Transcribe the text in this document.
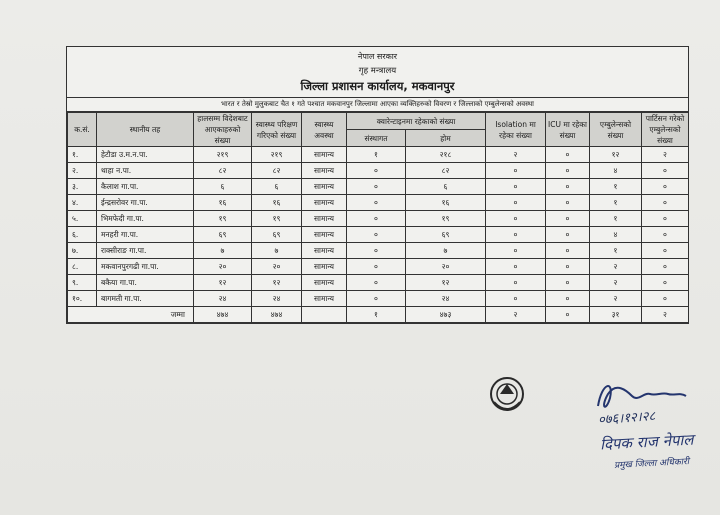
नेपाल सरकार
गृह मन्त्रालय
जिल्ला प्रशासन कार्यालय, मकवानपुर
भारत र तेस्रो मुलुकबाट चैत १ गते पश्चात मकवानपुर जिल्लामा आएका व्यक्तिहरुको विवरण र जिल्लाको एम्बुलेन्सको अवस्था
क.सं.	स्थानीय तह	हालसम्म विदेशबाट आएकाहरुको संख्या	स्वास्थ्य परिक्षण गरिएको संख्या	स्वास्थ्य अवस्था	क्वारेन्टाइनमा रहेकाको संख्या		Isolation मा रहेका संख्या	ICU मा रहेका संख्या	एम्बुलेन्सको संख्या	पार्टिसन गरेको एम्बुलेन्सको संख्या
					संस्थागत	होम				
१.	हेटौडा उ.म.न.पा.	२१९	२१९	सामान्य	१	२१८	२	०	१२	२
२.	थाहा न.पा.	८२	८२	सामान्य	०	८२	०	०	४	०
३.	कैलाश गा.पा.	६	६	सामान्य	०	६	०	०	१	०
४.	ईन्द्रसरोवर गा.पा.	१६	१६	सामान्य	०	१६	०	०	१	०
५.	भिमफेदी गा.पा.	१९	१९	सामान्य	०	१९	०	०	१	०
६.	मनहरी गा.पा.	६९	६९	सामान्य	०	६९	०	०	४	०
७.	राक्सीराङ गा.पा.	७	७	सामान्य	०	७	०	०	१	०
८.	मकवानपुरगढी गा.पा.	२०	२०	सामान्य	०	२०	०	०	२	०
९.	बकैया गा.पा.	१२	१२	सामान्य	०	१२	०	०	२	०
१०.	बागमती गा.पा.	२४	२४	सामान्य	०	२४	०	०	२	०
जम्मा		४७४	४७४		१	४७३	२	०	३१	२
०७६।१२।२८
दिपक राज नेपाल
प्रमुख जिल्ला अधिकारी
